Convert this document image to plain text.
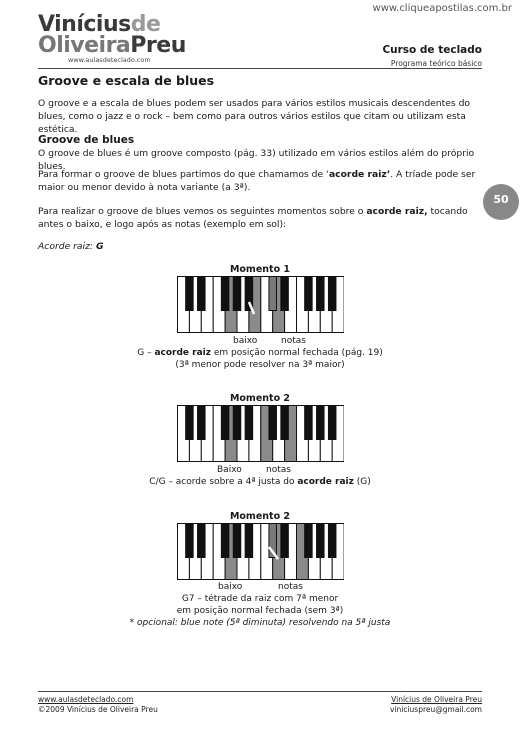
www.cliqueapostilas.com.br
Viníciusde
OliveiraPreu
www.aulasdeteclado.com
Curso de teclado
Programa teórico básico
50
Groove e escala de blues
O groove e a escala de blues podem ser usados para vários estilos musicais descendentes do blues, como o jazz e o rock – bem como para outros vários estilos que citam ou utilizam esta estética.
Groove de blues
O groove de blues é um groove composto (pág. 33) utilizado em vários estilos além do próprio blues.
Para formar o groove de blues partimos do que chamamos de ‘acorde raiz’. A tríade pode ser maior ou menor devido à nota variante (a 3ª).
Para realizar o groove de blues vemos os seguintes momentos sobre o acorde raiz, tocando antes o baixo, e logo após as notas (exemplo em sol):
Acorde raiz: G
Momento 1
baixo	notas
G – acorde raiz em posição normal fechada (pág. 19)
(3ª menor pode resolver na 3ª maior)
Momento 2
Baixo	notas
C/G – acorde sobre a 4ª justa do acorde raiz (G)
Momento 2
baixo	notas
G7 – tétrade da raiz com 7ª menor
em posição normal fechada (sem 3ª)
* opcional: blue note (5ª diminuta) resolvendo na 5ª justa
www.aulasdeteclado.com
©2009 Vinícius de Oliveira Preu
Vinícius de Oliveira Preu
viniciuspreu@gmail.com
